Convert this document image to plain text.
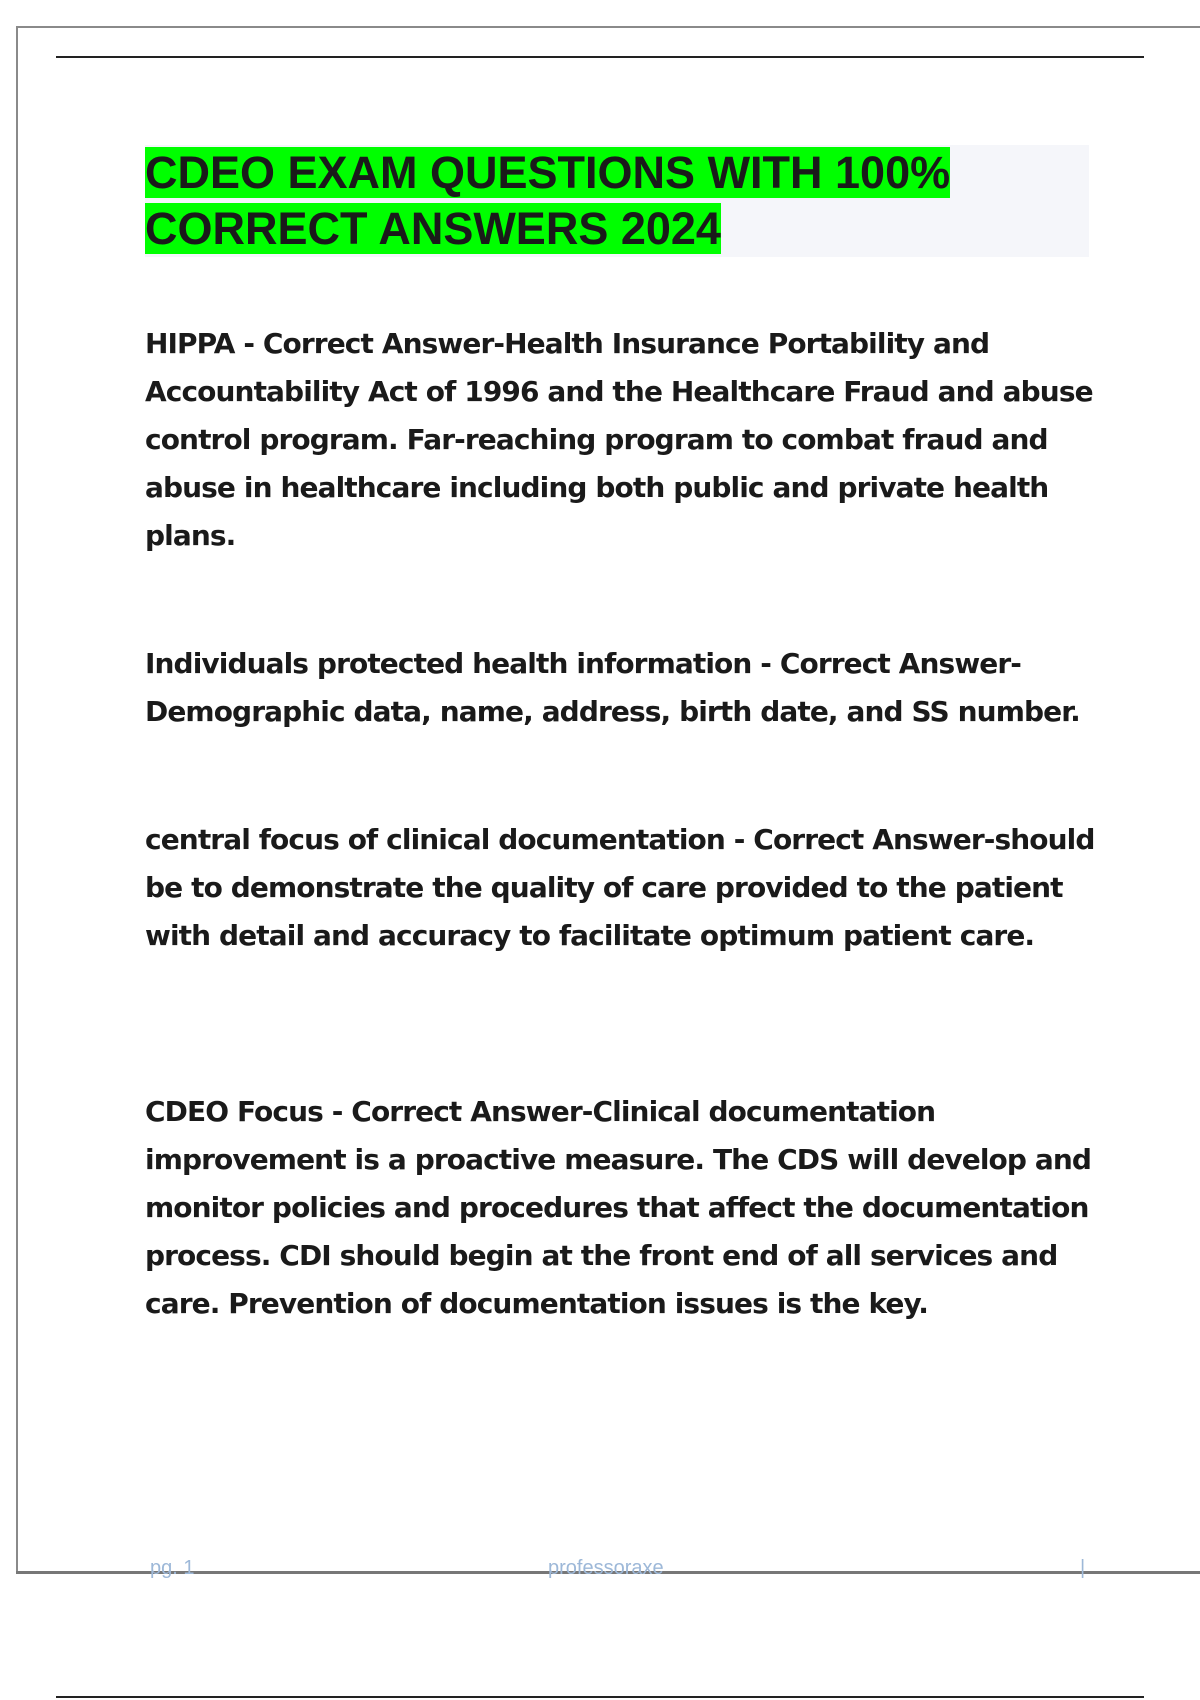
CDEO EXAM QUESTIONS WITH 100% CORRECT ANSWERS 2024

HIPPA - Correct Answer-Health Insurance Portability and Accountability Act of 1996 and the Healthcare Fraud and abuse control program. Far-reaching program to combat fraud and abuse in healthcare including both public and private health plans.

Individuals protected health information - Correct Answer-Demographic data, name, address, birth date, and SS number.

central focus of clinical documentation - Correct Answer-should be to demonstrate the quality of care provided to the patient with detail and accuracy to facilitate optimum patient care.

CDEO Focus - Correct Answer-Clinical documentation improvement is a proactive measure. The CDS will develop and monitor policies and procedures that affect the documentation process. CDI should begin at the front end of all services and care. Prevention of documentation issues is the key.

pg. 1	professoraxe	|
